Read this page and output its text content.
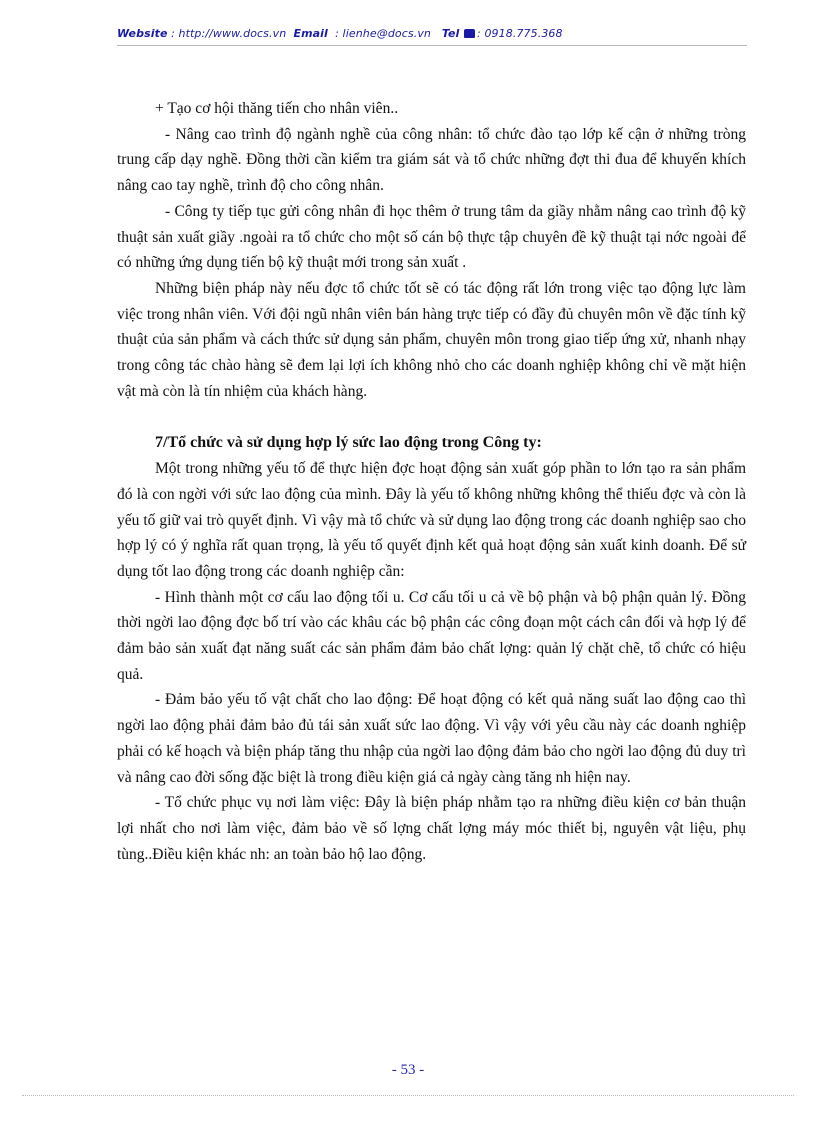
Website : http://www.docs.vn Email : lienhe@docs.vn Tel : 0918.775.368

+ Tạo cơ hội thăng tiến cho nhân viên..

- Nâng cao trình độ ngành nghề của công nhân: tổ chức đào tạo lớp kế cận ở những tròng trung cấp dạy nghề. Đồng thời cần kiểm tra giám sát và tổ chức những đợt thi đua để khuyến khích nâng cao tay nghề, trình độ cho công nhân.

- Công ty tiếp tục gửi công nhân đi học thêm ở trung tâm da giầy nhằm nâng cao trình độ kỹ thuật sản xuất giầy .ngoài ra tổ chức cho một số cán bộ thực tập chuyên đề kỹ thuật tại nớc ngoài để có những ứng dụng tiến bộ kỹ thuật mới trong sản xuất .

Những biện pháp này nếu đợc tổ chức tốt sẽ có tác động rất lớn trong việc tạo động lực làm việc trong nhân viên. Với đội ngũ nhân viên bán hàng trực tiếp có đầy đủ chuyên môn về đặc tính kỹ thuật của sản phẩm và cách thức sử dụng sản phẩm, chuyên môn trong giao tiếp ứng xử, nhanh nhạy trong công tác chào hàng sẽ đem lại lợi ích không nhỏ cho các doanh nghiệp không chỉ về mặt hiện vật mà còn là tín nhiệm của khách hàng.

7/Tổ chức và sử dụng hợp lý sức lao động trong Công ty:

Một trong những yếu tố để thực hiện đợc hoạt động sản xuất góp phần to lớn tạo ra sản phẩm đó là con ngời với sức lao động của mình. Đây là yếu tố không những không thể thiếu đợc và còn là yếu tố giữ vai trò quyết định. Vì vậy mà tổ chức và sử dụng lao động trong các doanh nghiệp sao cho hợp lý có ý nghĩa rất quan trọng, là yếu tố quyết định kết quả hoạt động sản xuất kinh doanh. Để sử dụng tốt lao động trong các doanh nghiệp cần:

- Hình thành một cơ cấu lao động tối u. Cơ cấu tối u cả về bộ phận và bộ phận quản lý. Đồng thời ngời lao động đợc bố trí vào các khâu các bộ phận các công đoạn một cách cân đối và hợp lý để đảm bảo sản xuất đạt năng suất các sản phẩm đảm bảo chất lợng: quản lý chặt chẽ, tổ chức có hiệu quả.

- Đảm bảo yếu tố vật chất cho lao động: Để hoạt động có kết quả năng suất lao động cao thì ngời lao động phải đảm bảo đủ tái sản xuất sức lao động. Vì vậy với yêu cầu này các doanh nghiệp phải có kế hoạch và biện pháp tăng thu nhập của ngời lao động đảm bảo cho ngời lao động đủ duy trì và nâng cao đời sống đặc biệt là trong điều kiện giá cả ngày càng tăng nh hiện nay.

- Tổ chức phục vụ nơi làm việc: Đây là biện pháp nhằm tạo ra những điều kiện cơ bản thuận lợi nhất cho nơi làm việc, đảm bảo về số lợng chất lợng máy móc thiết bị, nguyên vật liệu, phụ tùng..Điều kiện khác nh: an toàn bảo hộ lao động.

- 53 -
